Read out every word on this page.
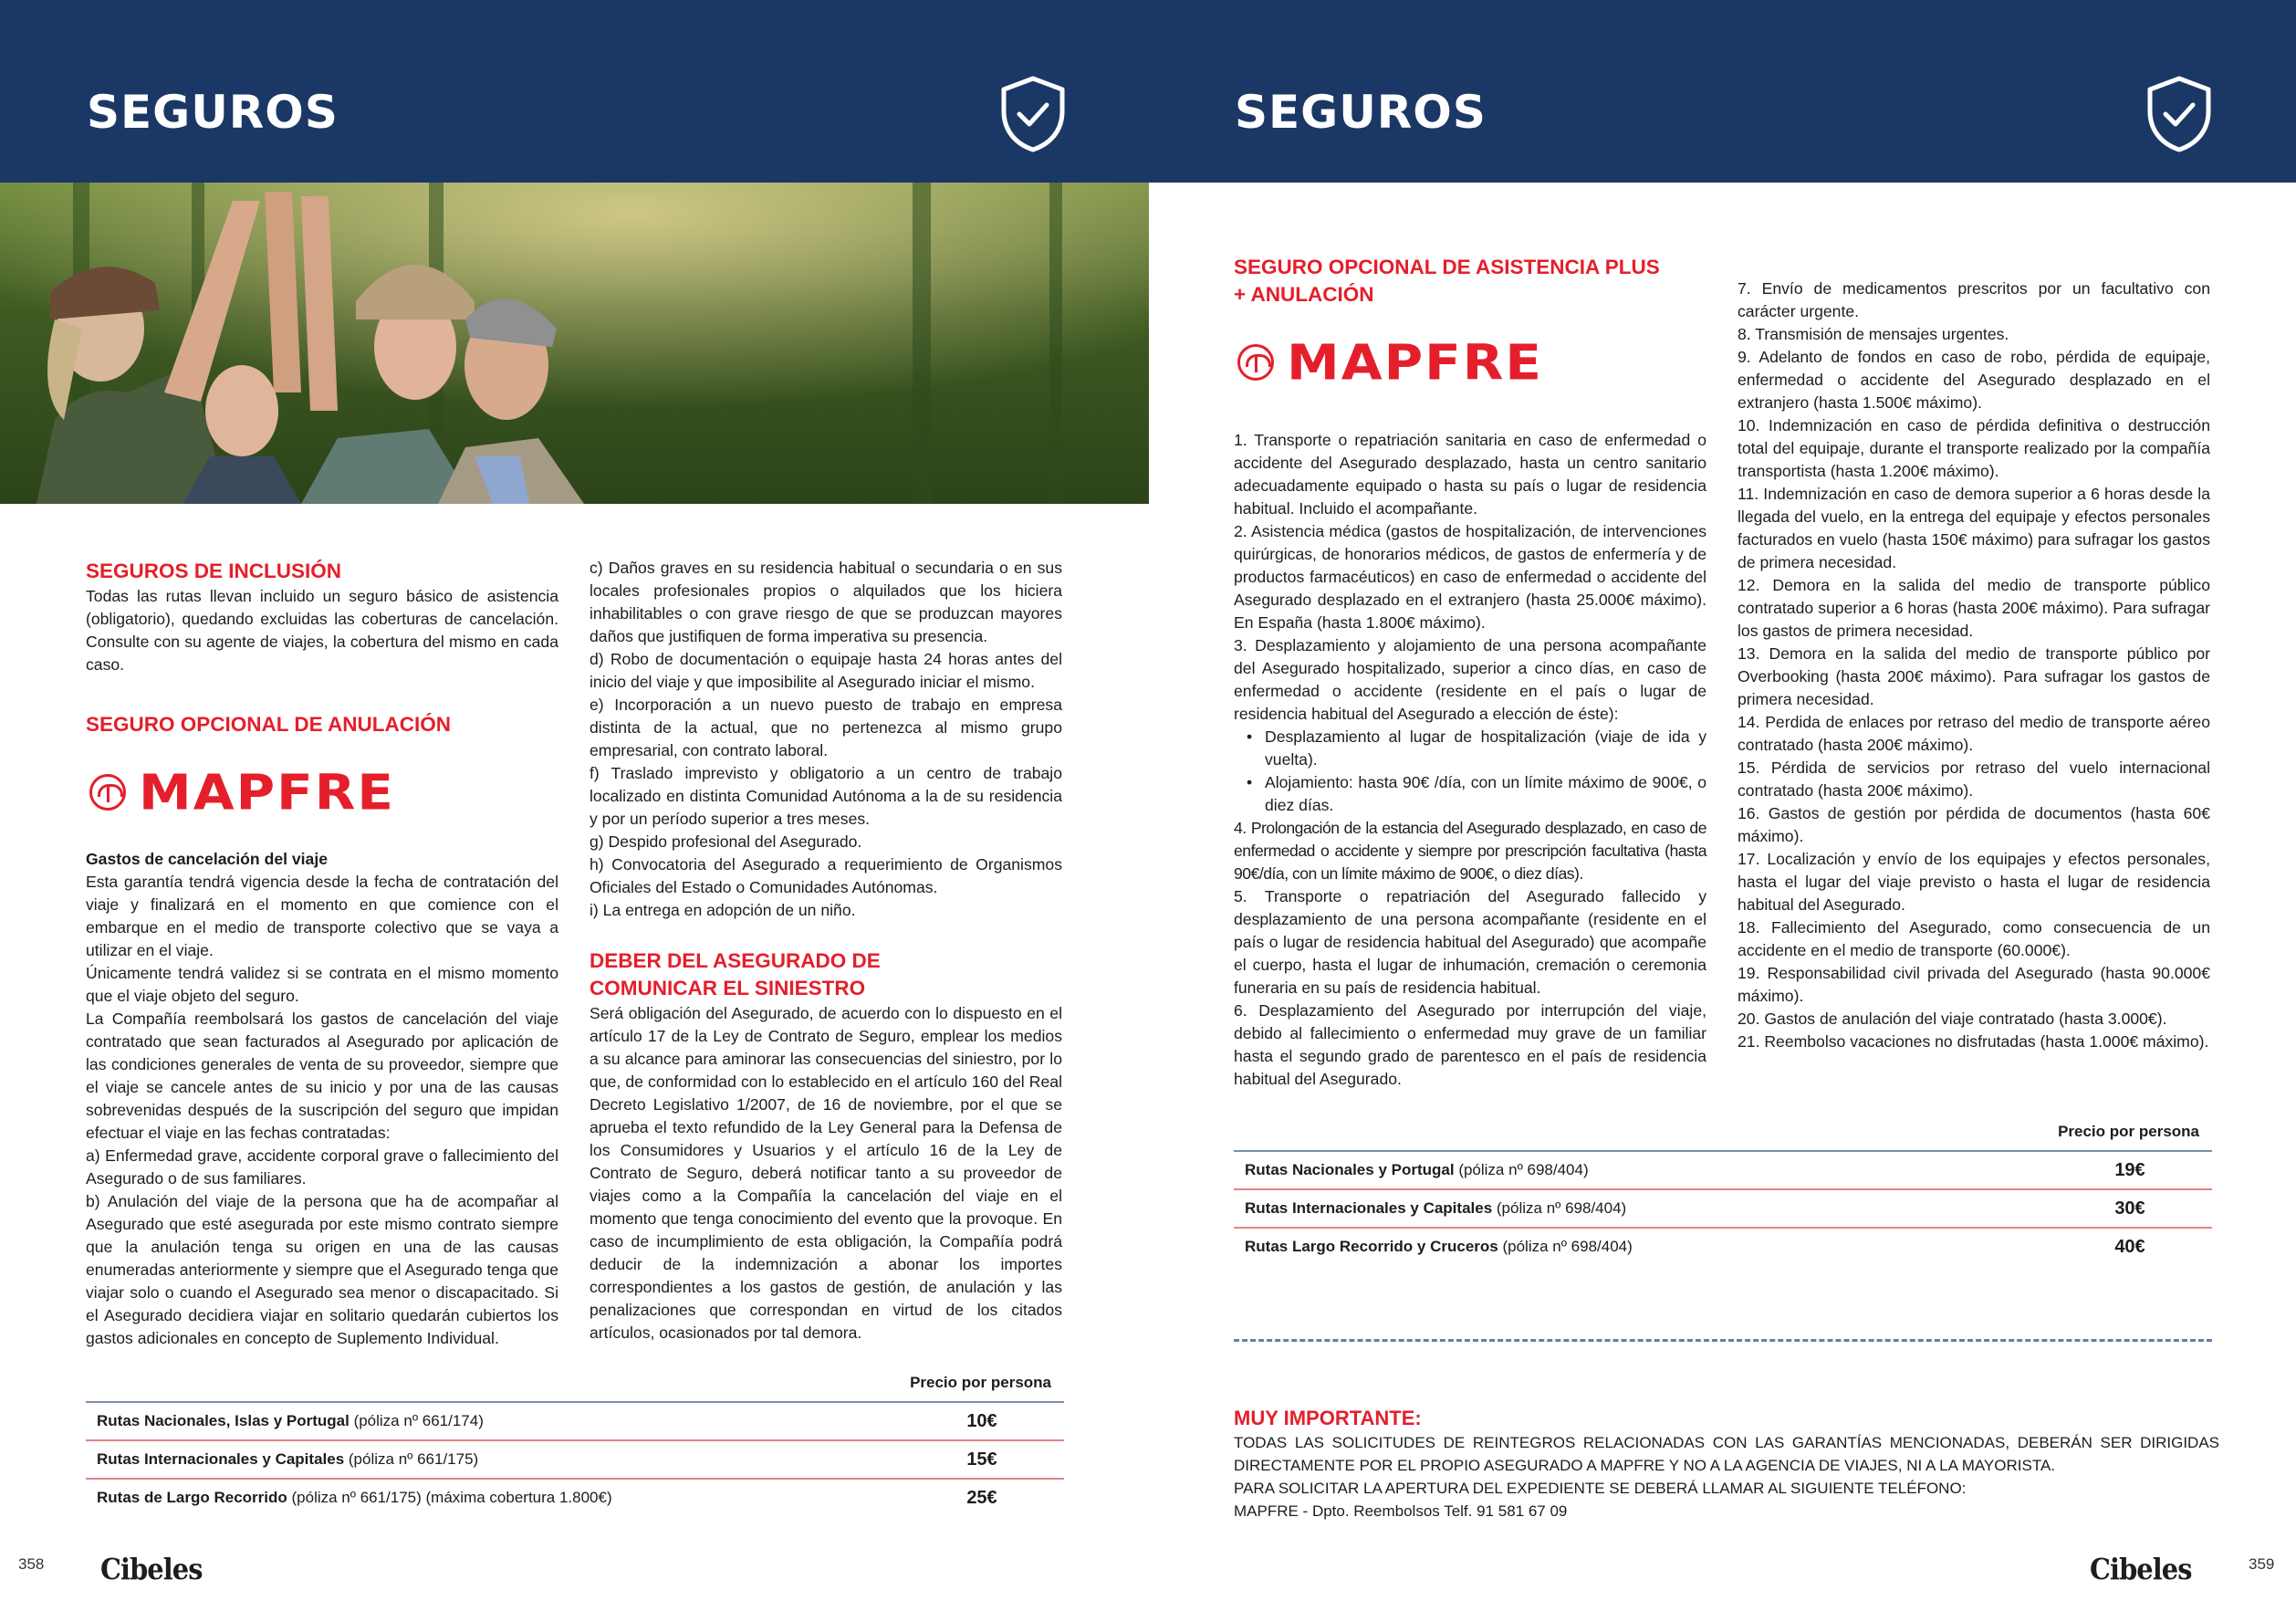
SEGUROS	SEGUROS
SEGUROS DE INCLUSIÓN

Todas las rutas llevan incluido un seguro básico de asistencia (obligatorio), quedando excluidas las coberturas de cancelación. Consulte con su agente de viajes, la cobertura del mismo en cada caso.

SEGURO OPCIONAL DE ANULACIÓN
MAPFRE

Gastos de cancelación del viaje

Esta garantía tendrá vigencia desde la fecha de contratación del viaje y finalizará en el momento en que comience con el embarque en el medio de transporte colectivo que se vaya a utilizar en el viaje.

Únicamente tendrá validez si se contrata en el mismo momento que el viaje objeto del seguro.

La Compañía reembolsará los gastos de cancelación del viaje contratado que sean facturados al Asegurado por aplicación de las condiciones generales de venta de su proveedor, siempre que el viaje se cancele antes de su inicio y por una de las causas sobrevenidas después de la suscripción del seguro que impidan efectuar el viaje en las fechas contratadas:

a) Enfermedad grave, accidente corporal grave o fallecimiento del Asegurado o de sus familiares.

b) Anulación del viaje de la persona que ha de acompañar al Asegurado que esté asegurada por este mismo contrato siempre que la anulación tenga su origen en una de las causas enumeradas anteriormente y siempre que el Asegurado tenga que viajar solo o cuando el Asegurado sea menor o discapacitado. Si el Asegurado decidiera viajar en solitario quedarán cubiertos los gastos adicionales en concepto de Suplemento Individual.

c) Daños graves en su residencia habitual o secundaria o en sus locales profesionales propios o alquilados que los hiciera inhabilitables o con grave riesgo de que se produzcan mayores daños que justifiquen de forma imperativa su presencia.

d) Robo de documentación o equipaje hasta 24 horas antes del inicio del viaje y que imposibilite al Asegurado iniciar el mismo.

e) Incorporación a un nuevo puesto de trabajo en empresa distinta de la actual, que no pertenezca al mismo grupo empresarial, con contrato laboral.

f) Traslado imprevisto y obligatorio a un centro de trabajo localizado en distinta Comunidad Autónoma a la de su residencia y por un período superior a tres meses.

g) Despido profesional del Asegurado.

h) Convocatoria del Asegurado a requerimiento de Organismos Oficiales del Estado o Comunidades Autónomas.

i) La entrega en adopción de un niño.

DEBER DEL ASEGURADO DE COMUNICAR EL SINIESTRO

Será obligación del Asegurado, de acuerdo con lo dispuesto en el artículo 17 de la Ley de Contrato de Seguro, emplear los medios a su alcance para aminorar las consecuencias del siniestro, por lo que, de conformidad con lo establecido en el artículo 160 del Real Decreto Legislativo 1/2007, de 16 de noviembre, por el que se aprueba el texto refundido de la Ley General para la Defensa de los Consumidores y Usuarios y el artículo 16 de la Ley de Contrato de Seguro, deberá notificar tanto a su proveedor de viajes como a la Compañía la cancelación del viaje en el momento que tenga conocimiento del evento que la provoque. En caso de incumplimiento de esta obligación, la Compañía podrá deducir de la indemnización a abonar los importes correspondientes a los gastos de gestión, de anulación y las penalizaciones que correspondan en virtud de los citados artículos, ocasionados por tal demora.

Precio por persona
Rutas Nacionales, Islas y Portugal (póliza nº 661/174)	10€
Rutas Internacionales y Capitales (póliza nº 661/175)	15€
Rutas de Largo Recorrido (póliza nº 661/175) (máxima cobertura 1.800€)	25€
358 Cibeles
SEGURO OPCIONAL DE ASISTENCIA PLUS
+ ANULACIÓN
MAPFRE

1. Transporte o repatriación sanitaria en caso de enfermedad o accidente del Asegurado desplazado, hasta un centro sanitario adecuadamente equipado o hasta su país o lugar de residencia habitual. Incluido el acompañante.

2. Asistencia médica (gastos de hospitalización, de intervenciones quirúrgicas, de honorarios médicos, de gastos de enfermería y de productos farmacéuticos) en caso de enfermedad o accidente del Asegurado desplazado en el extranjero (hasta 25.000€ máximo). En España (hasta 1.800€ máximo).

3. Desplazamiento y alojamiento de una persona acompañante del Asegurado hospitalizado, superior a cinco días, en caso de enfermedad o accidente (residente en el país o lugar de residencia habitual del Asegurado a elección de éste):

• Desplazamiento al lugar de hospitalización (viaje de ida y vuelta).
• Alojamiento: hasta 90€ /día, con un límite máximo de 900€, o diez días.

4. Prolongación de la estancia del Asegurado desplazado, en caso de enfermedad o accidente y siempre por prescripción facultativa (hasta 90€/día, con un límite máximo de 900€, o diez días).

5. Transporte o repatriación del Asegurado fallecido y desplazamiento de una persona acompañante (residente en el país o lugar de residencia habitual del Asegurado) que acompañe el cuerpo, hasta el lugar de inhumación, cremación o ceremonia funeraria en su país de residencia habitual.

6. Desplazamiento del Asegurado por interrupción del viaje, debido al fallecimiento o enfermedad muy grave de un familiar hasta el segundo grado de parentesco en el país de residencia habitual del Asegurado.

7. Envío de medicamentos prescritos por un facultativo con carácter urgente.

8. Transmisión de mensajes urgentes.

9. Adelanto de fondos en caso de robo, pérdida de equipaje, enfermedad o accidente del Asegurado desplazado en el extranjero (hasta 1.500€ máximo).

10. Indemnización en caso de pérdida definitiva o destrucción total del equipaje, durante el transporte realizado por la compañía transportista (hasta 1.200€ máximo).

11. Indemnización en caso de demora superior a 6 horas desde la llegada del vuelo, en la entrega del equipaje y efectos personales facturados en vuelo (hasta 150€ máximo) para sufragar los gastos de primera necesidad.

12. Demora en la salida del medio de transporte público contratado superior a 6 horas (hasta 200€ máximo). Para sufragar los gastos de primera necesidad.

13. Demora en la salida del medio de transporte público por Overbooking (hasta 200€ máximo). Para sufragar los gastos de primera necesidad.

14. Perdida de enlaces por retraso del medio de transporte aéreo contratado (hasta 200€ máximo).

15. Pérdida de servicios por retraso del vuelo internacional contratado (hasta 200€ máximo).

16. Gastos de gestión por pérdida de documentos (hasta 60€ máximo).

17. Localización y envío de los equipajes y efectos personales, hasta el lugar del viaje previsto o hasta el lugar de residencia habitual del Asegurado.

18. Fallecimiento del Asegurado, como consecuencia de un accidente en el medio de transporte (60.000€).

19. Responsabilidad civil privada del Asegurado (hasta 90.000€ máximo).

20. Gastos de anulación del viaje contratado (hasta 3.000€).

21. Reembolso vacaciones no disfrutadas (hasta 1.000€ máximo).

Precio por persona
Rutas Nacionales y Portugal (póliza nº 698/404)	19€
Rutas Internacionales y Capitales (póliza nº 698/404)	30€
Rutas Largo Recorrido y Cruceros (póliza nº 698/404)	40€
MUY IMPORTANTE:

TODAS LAS SOLICITUDES DE REINTEGROS RELACIONADAS CON LAS GARANTÍAS MENCIONADAS, DEBERÁN SER DIRIGIDAS DIRECTAMENTE POR EL PROPIO ASEGURADO A MAPFRE Y NO A LA AGENCIA DE VIAJES, NI A LA MAYORISTA.

PARA SOLICITAR LA APERTURA DEL EXPEDIENTE SE DEBERÁ LLAMAR AL SIGUIENTE TELÉFONO:

MAPFRE - Dpto. Reembolsos Telf. 91 581 67 09

Cibeles	359
